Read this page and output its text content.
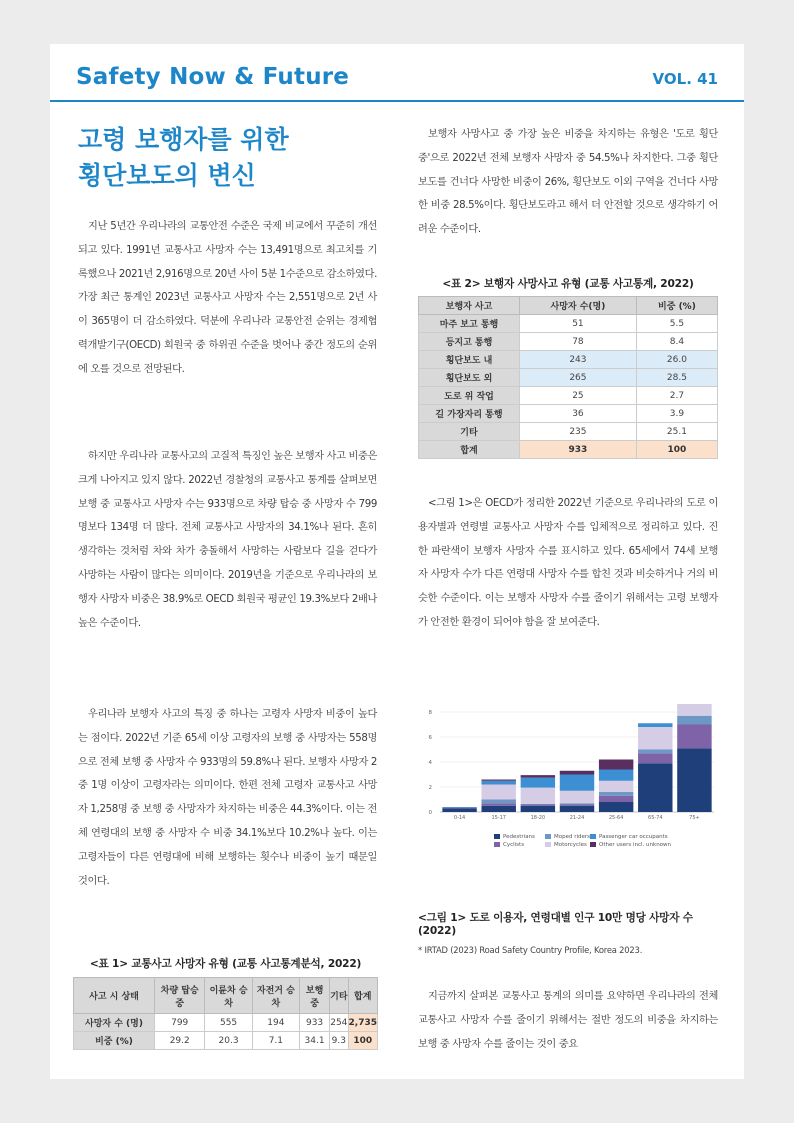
Safety Now & Future	VOL. 41
고령 보행자를 위한
횡단보도의 변신

지난 5년간 우리나라의 교통안전 수준은 국제 비교에서 꾸준히 개선되고 있다. 1991년 교통사고 사망자 수는 13,491명으로 최고치를 기록했으나 2021년 2,916명으로 20년 사이 5분 1수준으로 감소하였다. 가장 최근 통계인 2023년 교통사고 사망자 수는 2,551명으로 2년 사이 365명이 더 감소하였다. 덕분에 우리나라 교통안전 순위는 경제협력개발기구(OECD) 회원국 중 하위권 수준을 벗어나 중간 정도의 순위에 오를 것으로 전망된다.

하지만 우리나라 교통사고의 고질적 특징인 높은 보행자 사고 비중은 크게 나아지고 있지 않다. 2022년 경찰청의 교통사고 통계를 살펴보면 보행 중 교통사고 사망자 수는 933명으로 차량 탑승 중 사망자 수 799명보다 134명 더 많다. 전체 교통사고 사망자의 34.1%나 된다. 흔히 생각하는 것처럼 차와 차가 충돌해서 사망하는 사람보다 길을 걷다가 사망하는 사람이 많다는 의미이다. 2019년을 기준으로 우리나라의 보행자 사망자 비중은 38.9%로 OECD 회원국 평균인 19.3%보다 2배나 높은 수준이다.

우리나라 보행자 사고의 특징 중 하나는 고령자 사망자 비중이 높다는 점이다. 2022년 기준 65세 이상 고령자의 보행 중 사망자는 558명으로 전체 보행 중 사망자 수 933명의 59.8%나 된다. 보행자 사망자 2중 1명 이상이 고령자라는 의미이다. 한편 전체 고령자 교통사고 사망자 1,258명 중 보행 중 사망자가 차지하는 비중은 44.3%이다. 이는 전체 연령대의 보행 중 사망자 수 비중 34.1%보다 10.2%나 높다. 이는 고령자들이 다른 연령대에 비해 보행하는 횟수나 비중이 높기 때문일 것이다.

<표 1> 교통사고 사망자 유형 (교통 사고통계분석, 2022)
사고 시 상태	차량 탑승 중	이륜차 승차	자전거 승차	보행 중	기타	합계
사망자 수 (명)	799	555	194	933	254	2,735
비중 (%)	29.2	20.3	7.1	34.1	9.3	100

보행자 사망사고 중 가장 높은 비중을 차지하는 유형은 '도로 횡단 중'으로 2022년 전체 보행자 사망자 중 54.5%나 차지한다. 그중 횡단보도를 건너다 사망한 비중이 26%, 횡단보도 이외 구역을 건너다 사망한 비중 28.5%이다. 횡단보도라고 해서 더 안전할 것으로 생각하기 어려운 수준이다.

<표 2> 보행자 사망사고 유형 (교통 사고통계, 2022)
보행자 사고	사망자 수(명)	비중 (%)
마주 보고 통행	51	5.5
등지고 통행	78	8.4
횡단보도 내	243	26.0
횡단보도 외	265	28.5
도로 위 작업	25	2.7
길 가장자리 통행	36	3.9
기타	235	25.1
합계	933	100

<그림 1>은 OECD가 정리한 2022년 기준으로 우리나라의 도로 이용자별과 연령별 교통사고 사망자 수를 입체적으로 정리하고 있다. 진한 파란색이 보행자 사망자 수를 표시하고 있다. 65세에서 74세 보행자 사망자 수가 다른 연령대 사망자 수를 합친 것과 비슷하거나 거의 비슷한 수준이다. 이는 보행자 사망자 수를 줄이기 위해서는 고령 보행자가 안전한 환경이 되어야 함을 잘 보여준다.

0
2
4
6
8
0-14	15-17	18-20	21-24	25-64	65-74	75+
Pedestrians	Moped riders	Passenger car occupants
Cyclists	Motorcycles	Other users incl. unknown
<그림 1> 도로 이용자, 연령대별 인구 10만 명당 사망자 수 (2022)
* IRTAD (2023) Road Safety Country Profile, Korea 2023.

지금까지 살펴본 교통사고 통계의 의미를 요약하면 우리나라의 전체 교통사고 사망자 수를 줄이기 위해서는 절반 정도의 비중을 차지하는 보행 중 사망자 수를 줄이는 것이 중요
